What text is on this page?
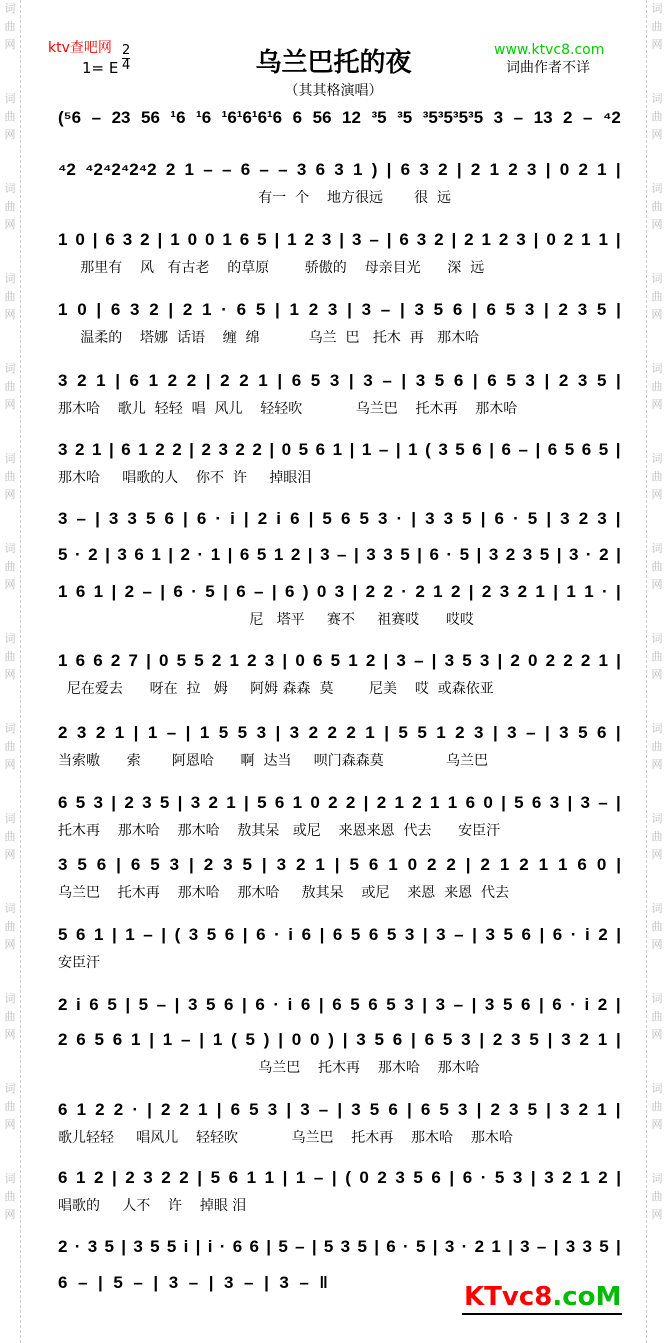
词
曲
网
词
曲
网
词
曲
网
词
曲
网
词
曲
网
词
曲
网
词
曲
网
词
曲
网
词
曲
网
词
曲
网
词
曲
网
词
曲
网
词
曲
网
词
曲
网
词
曲
网
词
曲
网
词
曲
网
词
曲
网
词
曲
网
词
曲
网
词
曲
网
词
曲
网
词
曲
网
词
曲
网
词
曲
网
词
曲
网
词
曲
网
词
曲
网
ktv查吧网
1= E
2
4	乌兰巴托的夜
（其其格演唱）
www.ktvc8.com
词曲作者不详
(⁵6 – 23 56 ¹6 ¹6 ¹6¹6¹6¹6 6 56 12 ³5 ³5 ³5³5³5³5 3 – 13 2 – ⁴2
⁴2 ⁴2⁴2⁴2⁴2 2 1 – – 6 – – 3 6 3 1 ) | 6 3 2 | 2 1 2 3 | 0 2 1 |
有一  个    地方很远       很  远
1 0 | 6 3 2 | 1 0 0 1 6 5 | 1 2 3 | 3 – | 6 3 2 | 2 1 2 3 | 0 2 1 1 |
那里有    风   有古老    的草原        骄傲的    母亲目光      深  远
1 0 | 6 3 2 | 2 1 · 6 5 | 1 2 3 | 3 – | 3 5 6 | 6 5 3 | 2 3 5 |
温柔的    塔娜  话语    缠  绵           乌兰  巴   托木  再   那木哈
3 2 1 | 6 1 2 2 | 2 2 1 | 6 5 3 | 3 – | 3 5 6 | 6 5 3 | 2 3 5 |
那木哈    歌儿  轻轻  唱  风儿    轻轻吹            乌兰巴    托木再    那木哈
3 2 1 | 6 1 2 2 | 2 3 2 2 | 0 5 6 1 | 1 – | 1 ( 3 5 6 | 6 – | 6 5 6 5 |
那木哈     唱歌的人    你不  许     掉眼泪
3 – | 3 3 5 6 | 6 · i | 2 i 6 | 5 6 5 3 · | 3 3 5 | 6 · 5 | 3 2 3 |
5 · 2 | 3 6 1 | 2 · 1 | 6 5 1 2 | 3 – | 3 3 5 | 6 · 5 | 3 2 3 5 | 3 · 2 |
1 6 1 | 2 – | 6 · 5 | 6 – | 6 ) 0 3 | 2 2 · 2 1 2 | 2 3 2 1 | 1 1 · |
尼   塔平     赛不     祖赛哎      哎哎
1 6 6 2 7 | 0 5 5 2 1 2 3 | 0 6 5 1 2 | 3 – | 3 5 3 | 2 0 2 2 2 1 |
尼在爱去      呀在  拉   姆     阿姆 森森  莫        尼美    哎  或森依亚
2 3 2 1 | 1 – | 1 5 5 3 | 3 2 2 2 1 | 5 5 1 2 3 | 3 – | 3 5 6 |
当索嗷      索       阿恩哈      啊  达当     呗门森森莫              乌兰巴
6 5 3 | 2 3 5 | 3 2 1 | 5 6 1 0 2 2 | 2 1 2 1 1 6 0 | 5 6 3 | 3 – |
托木再    那木哈    那木哈    敖其呆   或尼    来恩来恩  代去      安臣汗
3 5 6 | 6 5 3 | 2 3 5 | 3 2 1 | 5 6 1 0 2 2 | 2 1 2 1 1 6 0 |
乌兰巴    托木再    那木哈    那木哈     敖其呆    或尼    来恩  来恩  代去
5 6 1 | 1 – | ( 3 5 6 | 6 · i 6 | 6 5 6 5 3 | 3 – | 3 5 6 | 6 · i 2 |
安臣汗
2 i 6 5 | 5 – | 3 5 6 | 6 · i 6 | 6 5 6 5 3 | 3 – | 3 5 6 | 6 · i 2 |
2 6 5 6 1 | 1 – | 1 ( 5 ) | 0 0 ) | 3 5 6 | 6 5 3 | 2 3 5 | 3 2 1 |
乌兰巴    托木再    那木哈    那木哈
6 1 2 2 · | 2 2 1 | 6 5 3 | 3 – | 3 5 6 | 6 5 3 | 2 3 5 | 3 2 1 |
歌儿轻轻     唱风儿    轻轻吹            乌兰巴    托木再    那木哈    那木哈
6 1 2 | 2 3 2 2 | 5 6 1 1 | 1 – | ( 0 2 3 5 6 | 6 · 5 3 | 3 2 1 2 |
唱歌的     人不    许    掉眼 泪
2 · 3 5 | 3 5 5 i | i · 6 6 | 5 – | 5 3 5 | 6 · 5 | 3 · 2 1 | 3 – | 3 3 5 |
6 – | 5 – | 3 – | 3 – | 3 – ‖	KTvc8.coM
